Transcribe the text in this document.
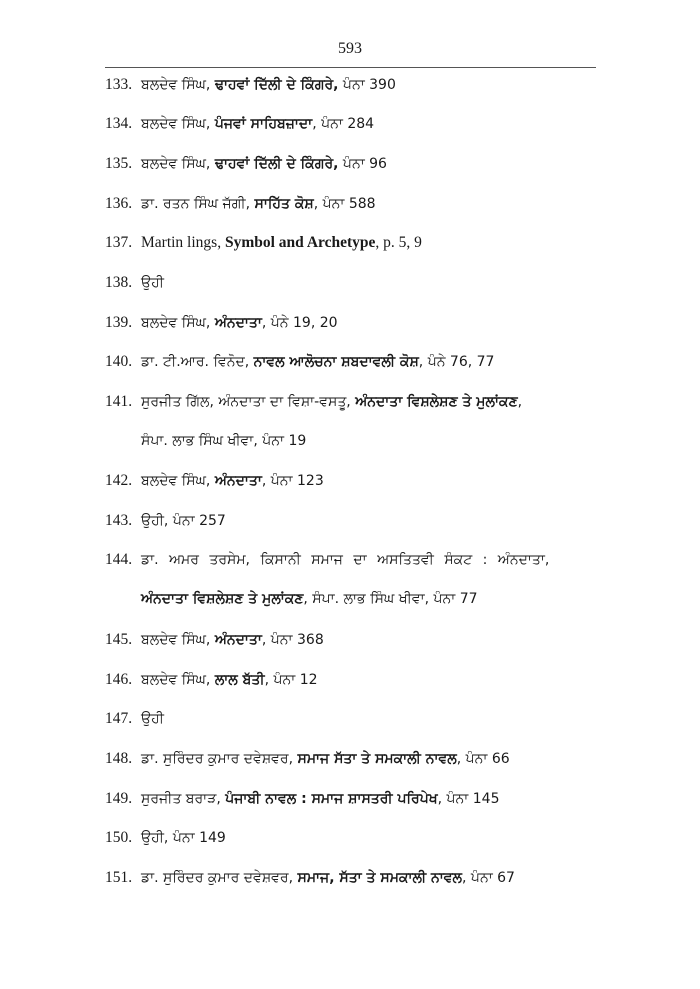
593
133. ਬਲਦੇਵ ਸਿੰਘ, ਢਾਹਵਾਂ ਦਿੱਲੀ ਦੇ ਕਿੰਗਰੇ, ਪੰਨਾ 390
134. ਬਲਦੇਵ ਸਿੰਘ, ਪੰਜਵਾਂ ਸਾਹਿਬਜ਼ਾਦਾ, ਪੰਨਾ 284
135. ਬਲਦੇਵ ਸਿੰਘ, ਢਾਹਵਾਂ ਦਿੱਲੀ ਦੇ ਕਿੰਗਰੇ, ਪੰਨਾ 96
136. ਡਾ. ਰਤਨ ਸਿੰਘ ਜੱਗੀ, ਸਾਹਿੱਤ ਕੋਸ਼, ਪੰਨਾ 588
137. Martin lings, Symbol and Archetype, p. 5, 9
138. ਉਹੀ
139. ਬਲਦੇਵ ਸਿੰਘ, ਅੰਨਦਾਤਾ, ਪੰਨੇ 19, 20
140. ਡਾ. ਟੀ.ਆਰ. ਵਿਨੋਦ, ਨਾਵਲ ਆਲੋਚਨਾ ਸ਼ਬਦਾਵਲੀ ਕੋਸ਼, ਪੰਨੇ 76, 77
141. ਸੁਰਜੀਤ ਗਿੱਲ, ਅੰਨਦਾਤਾ ਦਾ ਵਿਸ਼ਾ-ਵਸਤੂ, ਅੰਨਦਾਤਾ ਵਿਸ਼ਲੇਸ਼ਣ ਤੇ ਮੁਲਾਂਕਣ,
ਸੰਪਾ. ਲਾਭ ਸਿੰਘ ਖੀਵਾ, ਪੰਨਾ 19
142. ਬਲਦੇਵ ਸਿੰਘ, ਅੰਨਦਾਤਾ, ਪੰਨਾ 123
143. ਉਹੀ, ਪੰਨਾ 257
144. ਡਾ. ਅਮਰ ਤਰਸੇਮ, ਕਿਸਾਨੀ ਸਮਾਜ ਦਾ ਅਸਤਿਤਵੀ ਸੰਕਟ : ਅੰਨਦਾਤਾ,
ਅੰਨਦਾਤਾ ਵਿਸ਼ਲੇਸ਼ਣ ਤੇ ਮੁਲਾਂਕਣ, ਸੰਪਾ. ਲਾਭ ਸਿੰਘ ਖੀਵਾ, ਪੰਨਾ 77
145. ਬਲਦੇਵ ਸਿੰਘ, ਅੰਨਦਾਤਾ, ਪੰਨਾ 368
146. ਬਲਦੇਵ ਸਿੰਘ, ਲਾਲ ਬੱਤੀ, ਪੰਨਾ 12
147. ਉਹੀ
148. ਡਾ. ਸੁਰਿੰਦਰ ਕੁਮਾਰ ਦਵੇਸ਼ਵਰ, ਸਮਾਜ ਸੱਤਾ ਤੇ ਸਮਕਾਲੀ ਨਾਵਲ, ਪੰਨਾ 66
149. ਸੁਰਜੀਤ ਬਰਾੜ, ਪੰਜਾਬੀ ਨਾਵਲ : ਸਮਾਜ ਸ਼ਾਸਤਰੀ ਪਰਿਪੇਖ, ਪੰਨਾ 145
150. ਉਹੀ, ਪੰਨਾ 149
151. ਡਾ. ਸੁਰਿੰਦਰ ਕੁਮਾਰ ਦਵੇਸ਼ਵਰ, ਸਮਾਜ, ਸੱਤਾ ਤੇ ਸਮਕਾਲੀ ਨਾਵਲ, ਪੰਨਾ 67
